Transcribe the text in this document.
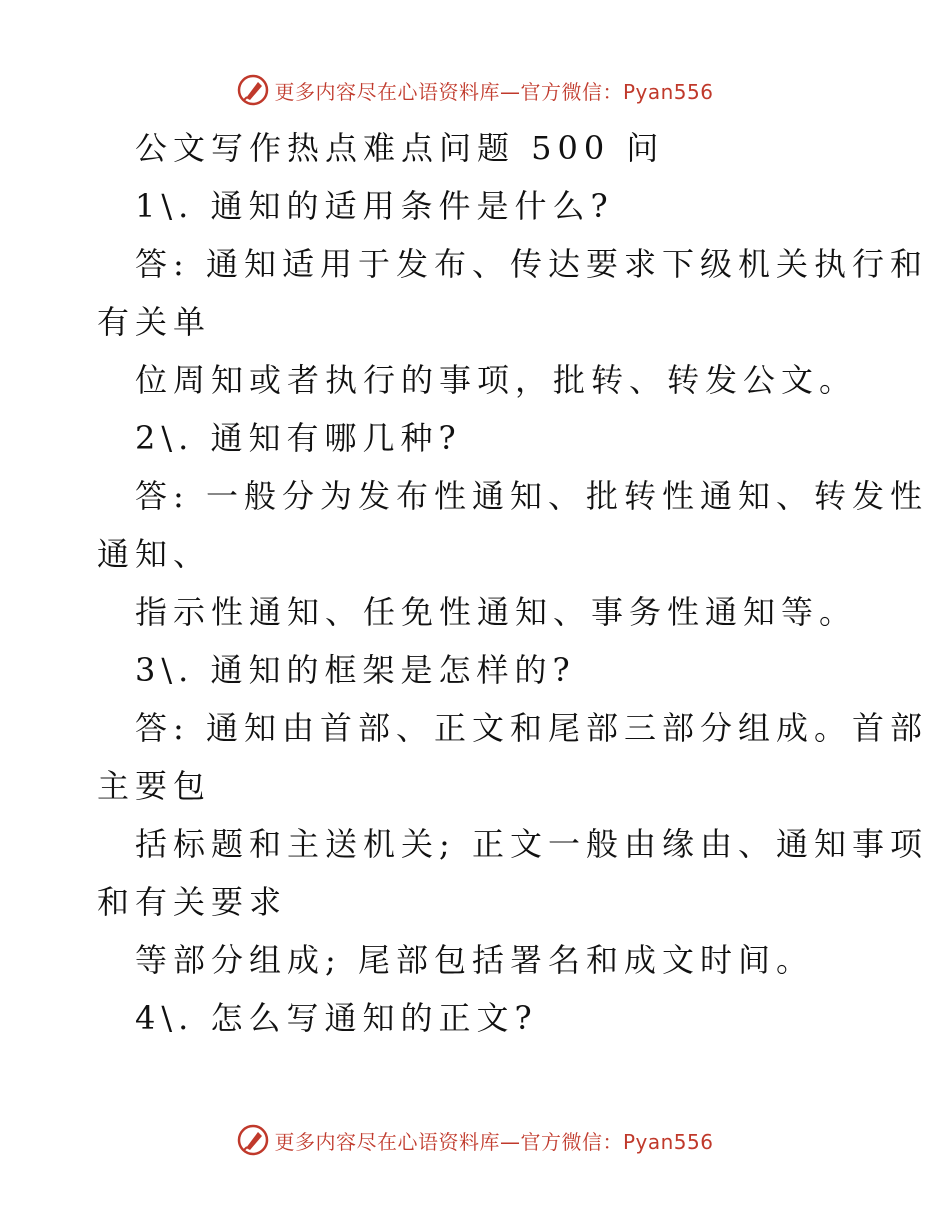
更多内容尽在心语资料库—官方微信：Pyan556
公文写作热点难点问题 500 问
1\. 通知的适用条件是什么?
答: 通知适用于发布、传达要求下级机关执行和
有关单
位周知或者执行的事项，批转、转发公文。
2\. 通知有哪几种?
答: 一般分为发布性通知、批转性通知、转发性
通知、
指示性通知、任免性通知、事务性通知等。
3\. 通知的框架是怎样的?
答: 通知由首部、正文和尾部三部分组成。首部
主要包
括标题和主送机关; 正文一般由缘由、通知事项
和有关要求
等部分组成; 尾部包括署名和成文时间。
4\. 怎么写通知的正文?
更多内容尽在心语资料库—官方微信：Pyan556
